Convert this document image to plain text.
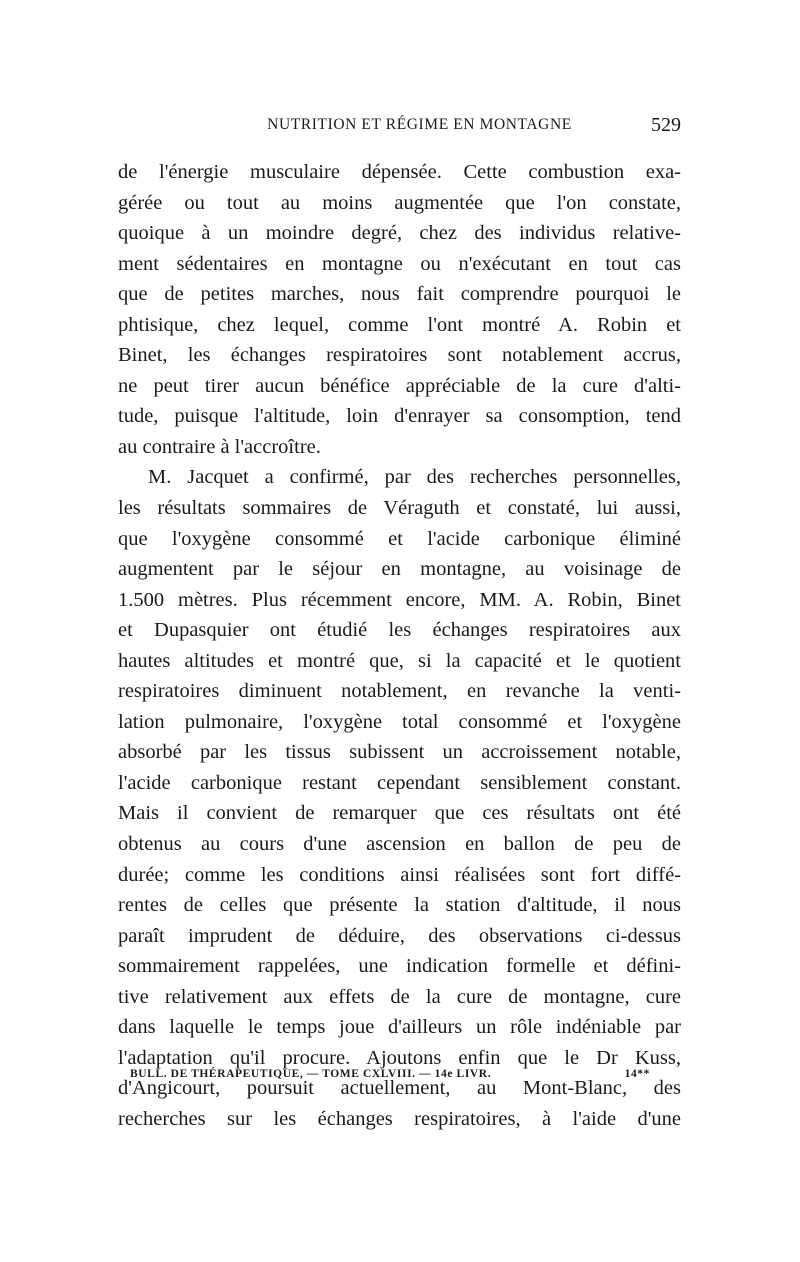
NUTRITION ET RÉGIME EN MONTAGNE	529
de l'énergie musculaire dépensée. Cette combustion exa-
gérée ou tout au moins augmentée que l'on constate,
quoique à un moindre degré, chez des individus relative-
ment sédentaires en montagne ou n'exécutant en tout cas
que de petites marches, nous fait comprendre pourquoi le
phtisique, chez lequel, comme l'ont montré A. Robin et
Binet, les échanges respiratoires sont notablement accrus,
ne peut tirer aucun bénéfice appréciable de la cure d'alti-
tude, puisque l'altitude, loin d'enrayer sa consomption, tend
au contraire à l'accroître.
M. Jacquet a confirmé, par des recherches personnelles,
les résultats sommaires de Véraguth et constaté, lui aussi,
que l'oxygène consommé et l'acide carbonique éliminé
augmentent par le séjour en montagne, au voisinage de
1.500 mètres. Plus récemment encore, MM. A. Robin, Binet
et Dupasquier ont étudié les échanges respiratoires aux
hautes altitudes et montré que, si la capacité et le quotient
respiratoires diminuent notablement, en revanche la venti-
lation pulmonaire, l'oxygène total consommé et l'oxygène
absorbé par les tissus subissent un accroissement notable,
l'acide carbonique restant cependant sensiblement constant.
Mais il convient de remarquer que ces résultats ont été
obtenus au cours d'une ascension en ballon de peu de
durée; comme les conditions ainsi réalisées sont fort diffé-
rentes de celles que présente la station d'altitude, il nous
paraît imprudent de déduire, des observations ci-dessus
sommairement rappelées, une indication formelle et défini-
tive relativement aux effets de la cure de montagne, cure
dans laquelle le temps joue d'ailleurs un rôle indéniable par
l'adaptation qu'il procure. Ajoutons enfin que le Dr Kuss,
d'Angicourt, poursuit actuellement, au Mont-Blanc, des
recherches sur les échanges respiratoires, à l'aide d'une
BULL. DE THÉRAPEUTIQUE, — TOME CXLVIII. — 14e LIVR.	14**
